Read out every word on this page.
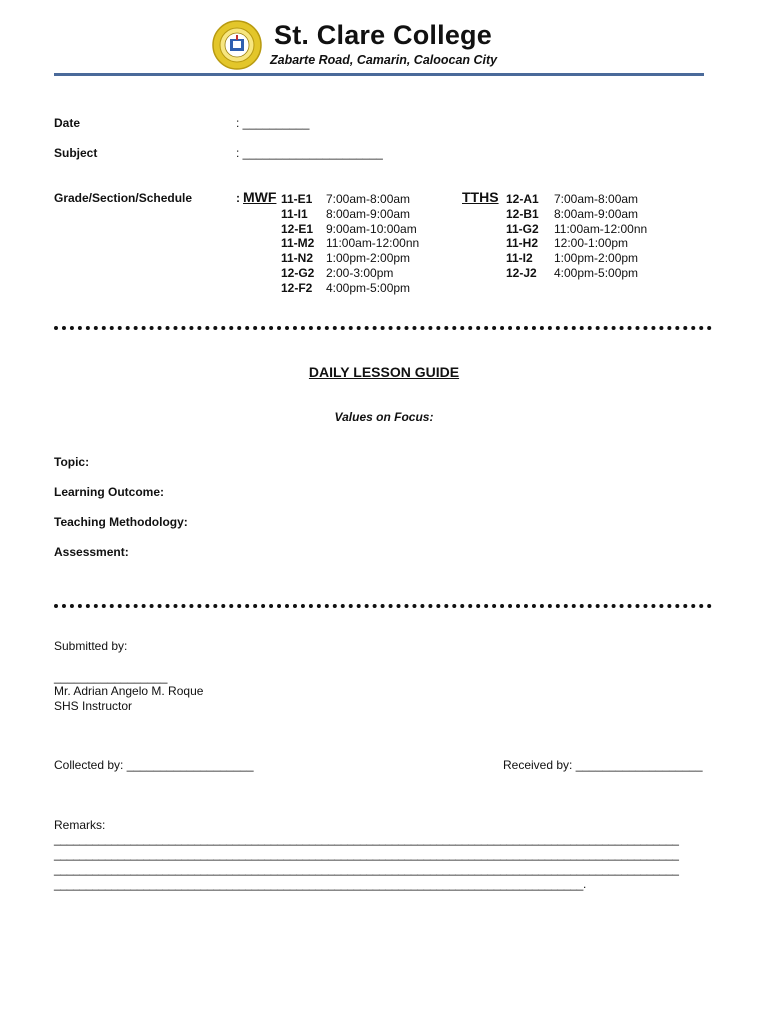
St. Clare College
Zabarte Road, Camarin, Caloocan City
Date	: __________
Subject	: _____________________
Grade/Section/Schedule	: MWF	TTHS
11-E1 7:00am-8:00am
11-I1 8:00am-9:00am
12-E1 9:00am-10:00am
11-M2 11:00am-12:00nn
11-N2 1:00pm-2:00pm
12-G2 2:00-3:00pm
12-F2 4:00pm-5:00pm
12-A1 7:00am-8:00am
12-B1 8:00am-9:00am
11-G2 11:00am-12:00nn
11-H2 12:00-1:00pm
11-I2 1:00pm-2:00pm
12-J2 4:00pm-5:00pm
DAILY LESSON GUIDE
Values on Focus:
Topic:
Learning Outcome:
Teaching Methodology:
Assessment:
Submitted by:
_________________
Mr. Adrian Angelo M. Roque
SHS Instructor
Collected by: ___________________	Received by: ___________________
Remarks:
__________________________________________________________________________________________________
__________________________________________________________________________________________________
__________________________________________________________________________________________________
___________________________________________________________________________________.
